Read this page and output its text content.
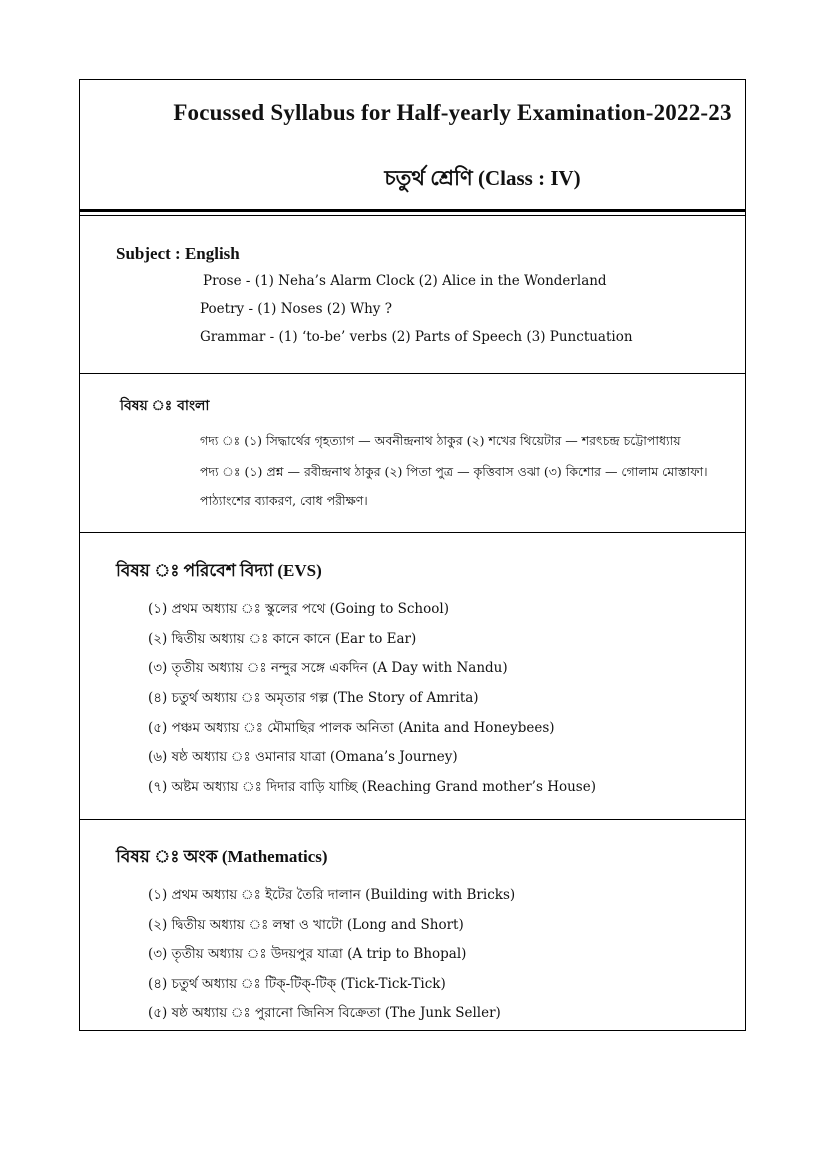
Focussed Syllabus for Half-yearly Examination-2022-23
চতুর্থ শ্রেণি (Class : IV)
Subject : English
Prose - (1) Neha’s Alarm Clock (2) Alice in the Wonderland
Poetry - (1) Noses (2) Why ?
Grammar - (1) ‘to-be’ verbs (2) Parts of Speech (3) Punctuation
বিষয় ঃ বাংলা
গদ্য ঃ (১) সিদ্ধার্থের গৃহত্যাগ — অবনীন্দ্রনাথ ঠাকুর (২) শখের থিয়েটার — শরৎচন্দ্র চট্টোপাধ্যায়
পদ্য ঃ (১) প্রশ্ন — রবীন্দ্রনাথ ঠাকুর (২) পিতা পুত্র — কৃত্তিবাস ওঝা (৩) কিশোর — গোলাম মোস্তাফা।
পাঠ্যাংশের ব্যাকরণ, বোধ পরীক্ষণ।
বিষয় ঃ পরিবেশ বিদ্যা (EVS)
(১) প্রথম অধ্যায় ঃ স্কুলের পথে (Going to School)
(২) দ্বিতীয় অধ্যায় ঃ কানে কানে (Ear to Ear)
(৩) তৃতীয় অধ্যায় ঃ নন্দুর সঙ্গে একদিন (A Day with Nandu)
(৪) চতুর্থ অধ্যায় ঃ অমৃতার গল্প (The Story of Amrita)
(৫) পঞ্চম অধ্যায় ঃ মৌমাছির পালক অনিতা (Anita and Honeybees)
(৬) ষষ্ঠ অধ্যায় ঃ ওমানার যাত্রা (Omana’s Journey)
(৭) অষ্টম অধ্যায় ঃ দিদার বাড়ি যাচ্ছি (Reaching Grand mother’s House)
বিষয় ঃ অংক (Mathematics)
(১) প্রথম অধ্যায় ঃ ইটের তৈরি দালান (Building with Bricks)
(২) দ্বিতীয় অধ্যায় ঃ লম্বা ও খাটো (Long and Short)
(৩) তৃতীয় অধ্যায় ঃ উদয়পুর যাত্রা (A trip to Bhopal)
(৪) চতুর্থ অধ্যায় ঃ টিক্‌-টিক্‌-টিক্‌ (Tick-Tick-Tick)
(৫) ষষ্ঠ অধ্যায় ঃ পুরানো জিনিস বিক্রেতা (The Junk Seller)
